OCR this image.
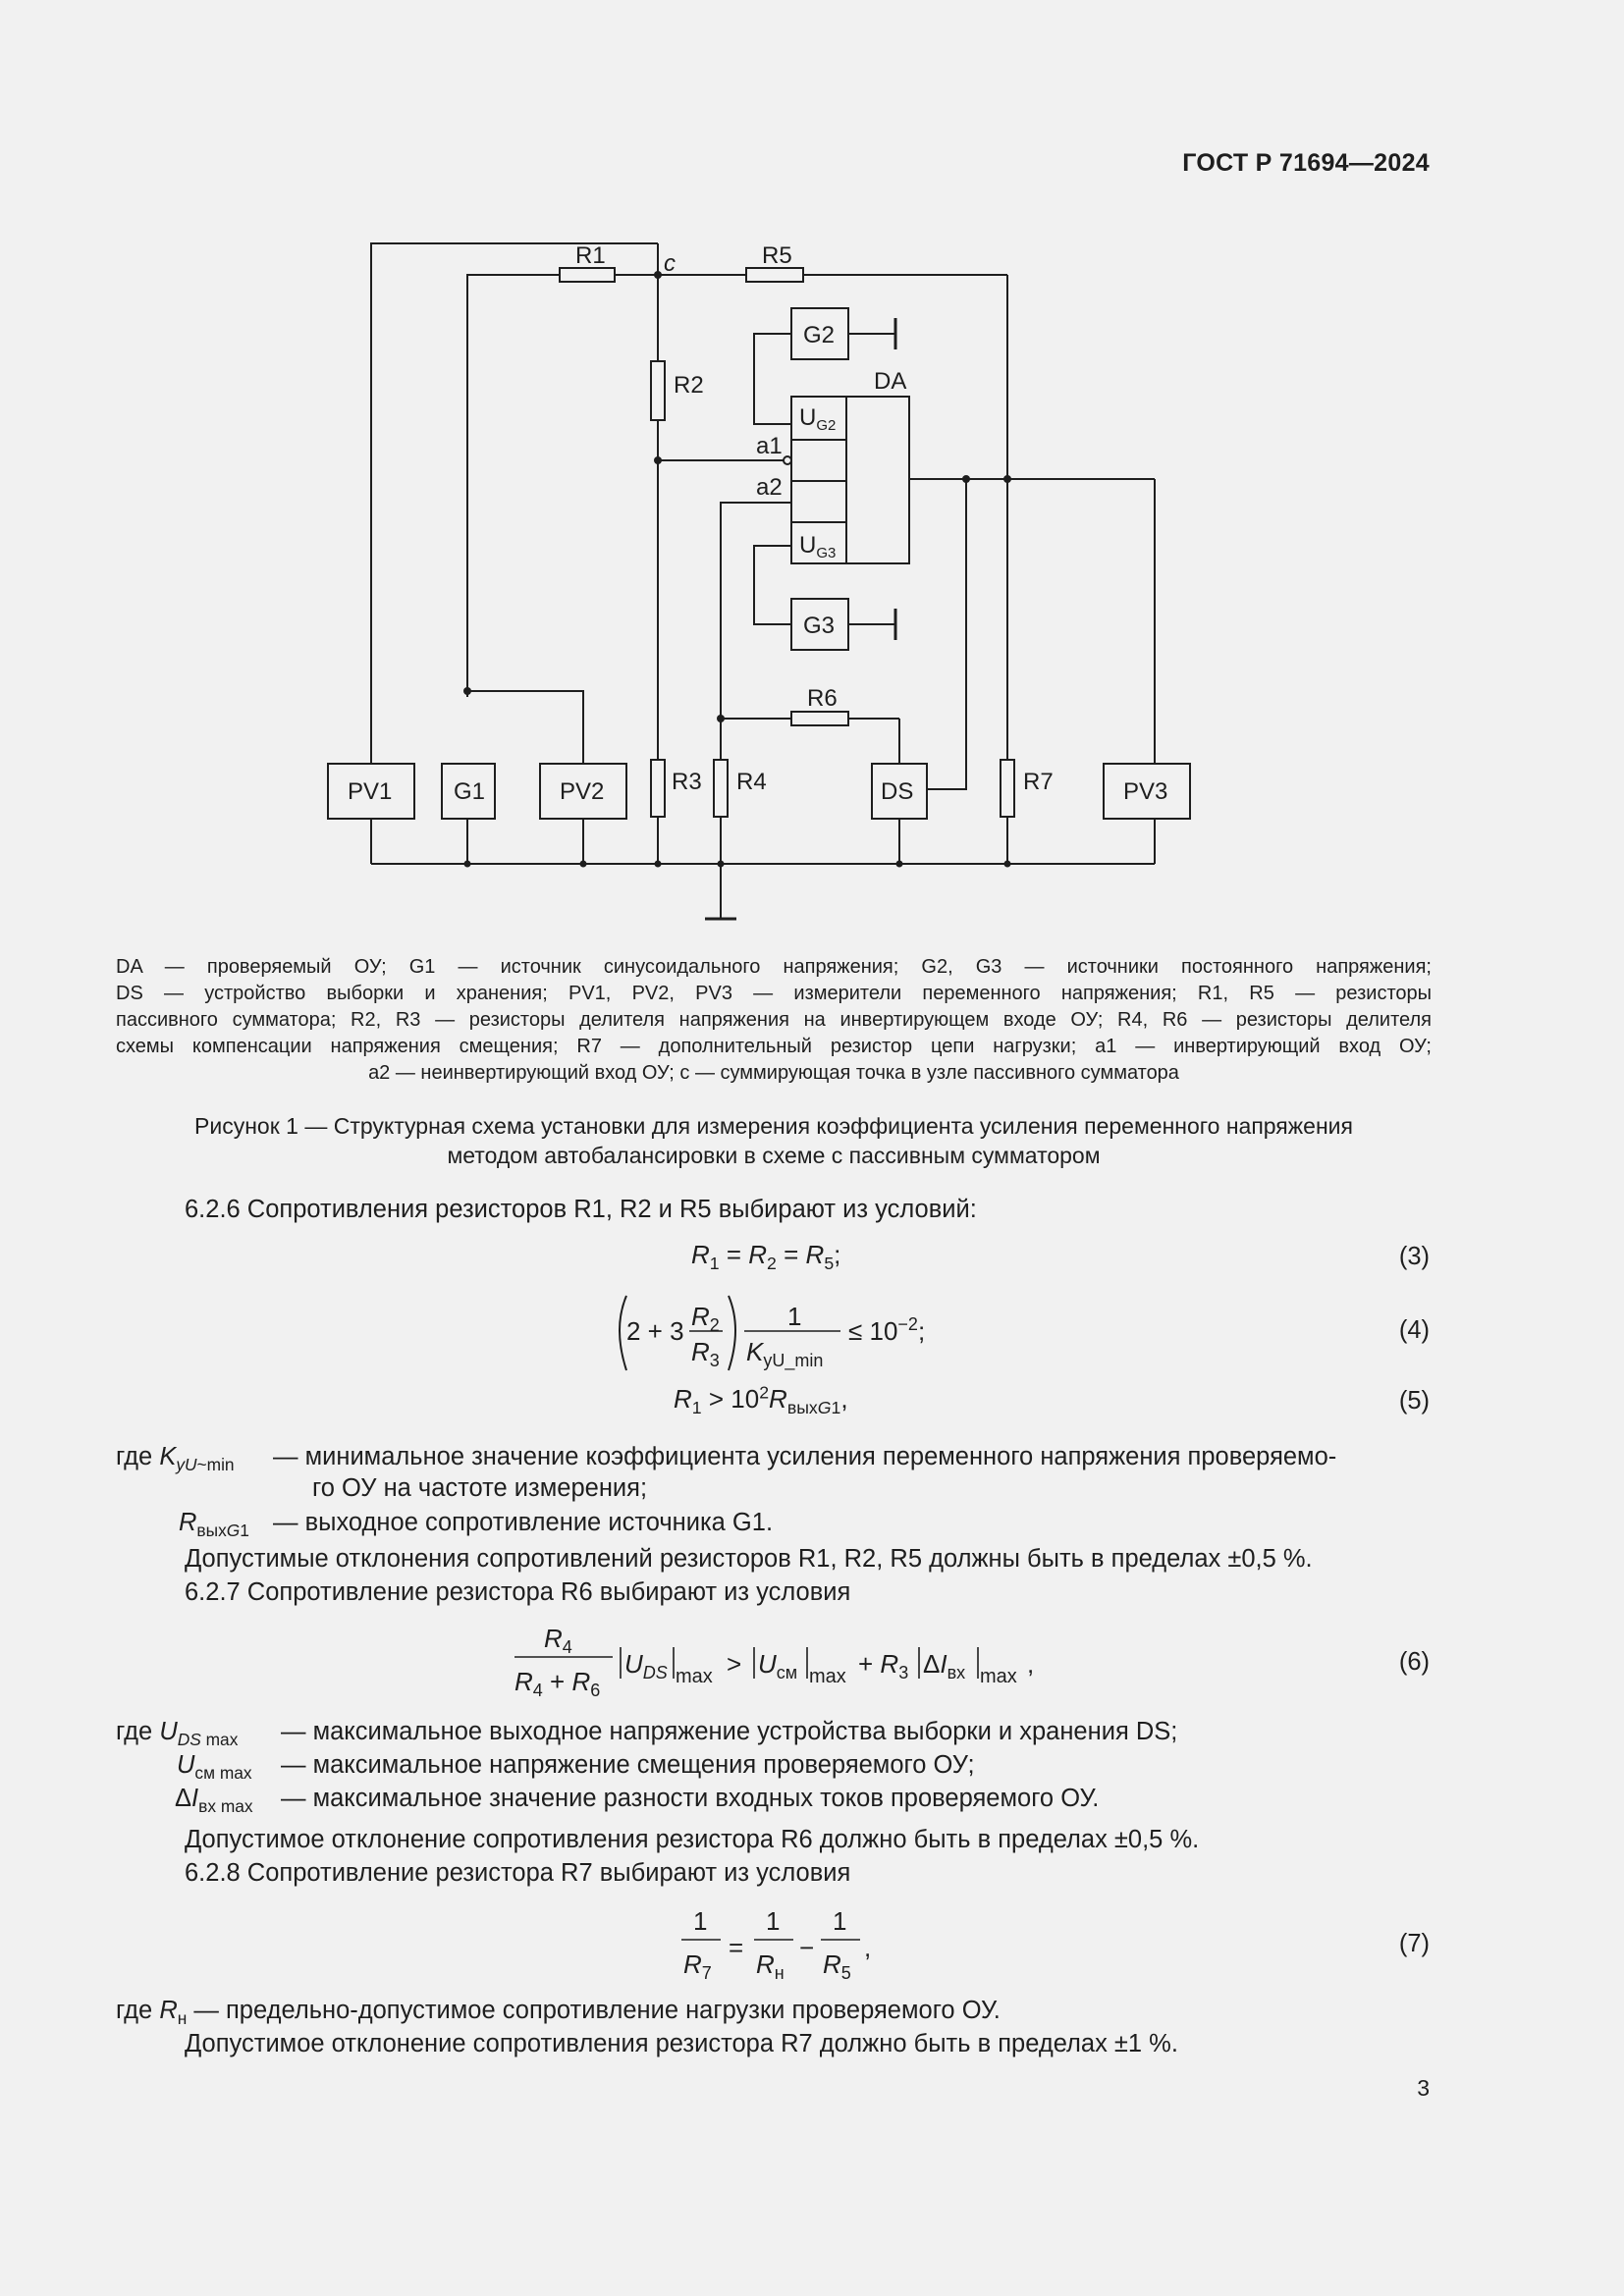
ГОСТ Р 71694—2024
R1 c	R5
R2
G2
DA
$U_{G2}$
a1
a2
$U_{G3}$
G3
R6
PV1	G1	PV2	R3 R4	DS	R7	PV3
DA — проверяемый ОУ; G1 — источник синусоидального напряжения; G2, G3 — источники постоянного напряжения;
DS — устройство выборки и хранения; PV1, PV2, PV3 — измерители переменного напряжения; R1, R5 — резисторы
пассивного сумматора; R2, R3 — резисторы делителя напряжения на инвертирующем входе ОУ; R4, R6 — резисторы делителя
схемы компенсации напряжения смещения; R7 — дополнительный резистор цепи нагрузки; a1 — инвертирующий вход ОУ;
a2 — неинвертирующий вход ОУ; c — суммирующая точка в узле пассивного сумматора
Рисунок 1 — Структурная схема установки для измерения коэффициента усиления переменного напряжения
методом автобалансировки в схеме с пассивным сумматором
6.2.6 Сопротивления резисторов R1, R2 и R5 выбирают из условий:
$R_1 = R_2 = R_5$;	(3)
2 + 3 $R_2$
$R_3$
1
$K_{yU\_min}$
≤ $10^{-2}$;	(4)
$R_1 > 10^2R_{выхG1}$,	(5)
где $K_{yU\sim min}$ — минимальное значение коэффициента усиления переменного напряжения проверяемо-
го ОУ на частоте измерения;
$R_{выхG1}$ — выходное сопротивление источника G1.
Допустимые отклонения сопротивлений резисторов R1, R2, R5 должны быть в пределах ±0,5 %.
6.2.7 Сопротивление резистора R6 выбирают из условия
$R_4$
$R_4 + R_6$
$U_{DS}$ $\max > U_{см}$ $\max + R_3$ $\Delta I_{вх}$ max ,	(6)
где $U_{DS max}$ — максимальное выходное напряжение устройства выборки и хранения DS;
$U_{см max}$ — максимальное напряжение смещения проверяемого ОУ;
$\Delta I_{вх max}$ — максимальное значение разности входных токов проверяемого ОУ.
Допустимое отклонение сопротивления резистора R6 должно быть в пределах ±0,5 %.
6.2.8 Сопротивление резистора R7 выбирают из условия
1
$R_7$
=
1
$R_н$
−
1
$R_5$
,	(7)
где $R_н$ — предельно-допустимое сопротивление нагрузки проверяемого ОУ.
Допустимое отклонение сопротивления резистора R7 должно быть в пределах ±1 %.
3
